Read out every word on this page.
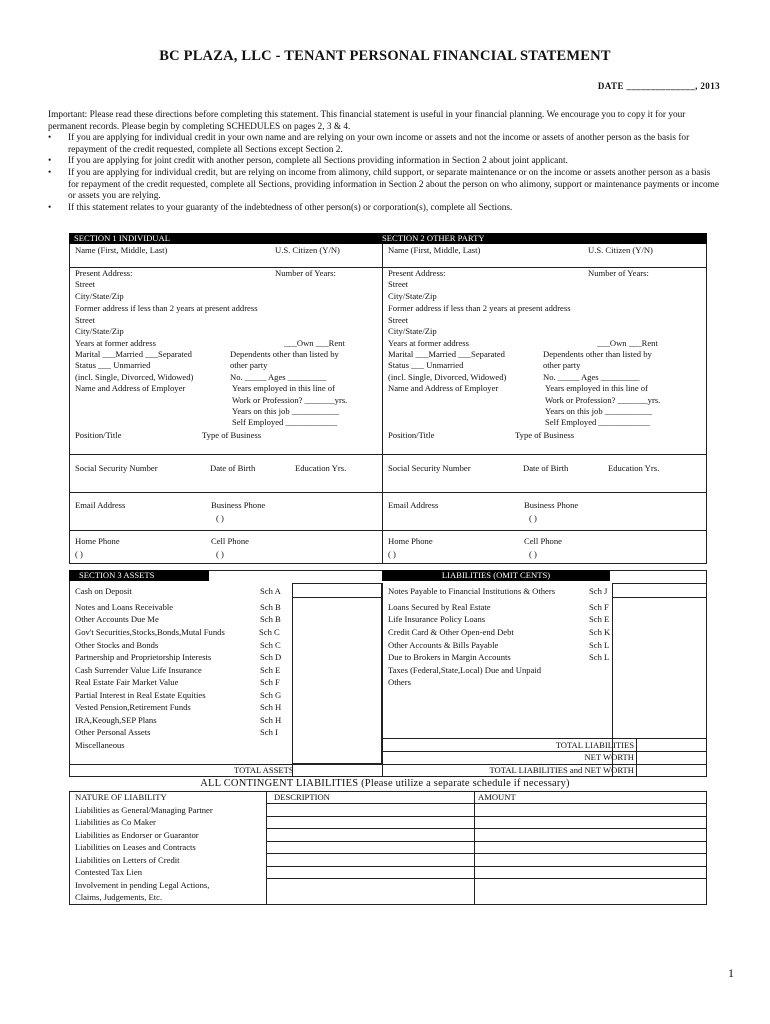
BC PLAZA, LLC - TENANT PERSONAL FINANCIAL STATEMENT
DATE ______________, 2013
Important: Please read these directions before completing this statement. This financial statement is useful in your financial planning. We encourage you to copy it for your permanent records. Please begin by completing SCHEDULES on pages 2, 3 & 4.
• If you are applying for individual credit in your own name and are relying on your own income or assets and not the income or assets of another person as the basis for repayment of the credit requested, complete all Sections except Section 2.
• If you are applying for joint credit with another person, complete all Sections providing information in Section 2 about joint applicant.
• If you are applying for individual credit, but are relying on income from alimony, child support, or separate maintenance or on the income or assets another person as a basis for repayment of the credit requested, complete all Sections, providing information in Section 2 about the person on who alimony, support or maintenance payments or income or assets you are relying.
• If this statement relates to your guaranty of the indebtedness of other person(s) or corporation(s), complete all Sections.
SECTION 1 INDIVIDUAL
Name (First, Middle, Last)	U.S. Citizen (Y/N)
Present Address:	Number of Years:
Street
City/State/Zip
Former address if less than 2 years at present address
Street
City/State/Zip
Years at former address	___Own ___Rent
Marital ___Married ___Separated
Status ___ Unmarried
(incl. Single, Divorced, Widowed)
Dependents other than listed by
other party
No. _____ Ages _________
Name and Address of Employer	Years employed in this line of
Work or Profession? _______yrs.
Years on this job ___________
Self Employed ____________
Position/Title	Type of Business
Social Security Number	Date of Birth	Education Yrs.
Email Address	Business Phone
( )
Home Phone
( )
Cell Phone
( )
SECTION 2 OTHER PARTY
Name (First, Middle, Last)	U.S. Citizen (Y/N)
Present Address:	Number of Years:
Street
City/State/Zip
Former address if less than 2 years at present address
Street
City/State/Zip
Years at former address	___Own ___Rent
Marital ___Married ___Separated
Status ___ Unmarried
(incl. Single, Divorced, Widowed)
Dependents other than listed by
other party
No. _____ Ages _________
Name and Address of Employer	Years employed in this line of
Work or Profession? _______yrs.
Years on this job ___________
Self Employed ____________
Position/Title	Type of Business
Social Security Number	Date of Birth	Education Yrs.
Email Address	Business Phone
( )
Home Phone
( )
Cell Phone
( )
SECTION 3 ASSETS	LIABILITIES (OMIT CENTS)
Cash on Deposit	Sch A
Notes and Loans Receivable	Sch B
Other Accounts Due Me	Sch B
Gov't Securities,Stocks,Bonds,Mutal Funds	Sch C
Other Stocks and Bonds	Sch C
Partnership and Proprietorship Interests	Sch D
Cash Surrender Value Life Insurance	Sch E
Real Estate Fair Market Value	Sch F
Partial Interest in Real Estate Equities	Sch G
Vested Pension,Retirement Funds	Sch H
IRA,Keough,SEP Plans	Sch H
Other Personal Assets	Sch I
Miscellaneous
Notes Payable to Financial Institutions & Others	Sch J
Loans Secured by Real Estate	Sch F
Life Insurance Policy Loans	Sch E
Credit Card & Other Open-end Debt	Sch K
Other Accounts & Bills Payable	Sch L
Due to Brokers in Margin Accounts	Sch L
Taxes (Federal,State,Local) Due and Unpaid
Others
TOTAL LIABILITIES
NET WORTH
TOTAL ASSETS	TOTAL LIABILITIES and NET WORTH
ALL CONTINGENT LIABILITIES (Please utilize a separate schedule if necessary)
NATURE OF LIABILITY	DESCRIPTION	AMOUNT
Liabilities as General/Managing Partner
Liabilities as Co Maker
Liabilities as Endorser or Guarantor
Liabilities on Leases and Contracts
Liabilities on Letters of Credit
Contested Tax Lien
Involvement in pending Legal Actions,
Claims, Judgements, Etc.
1
